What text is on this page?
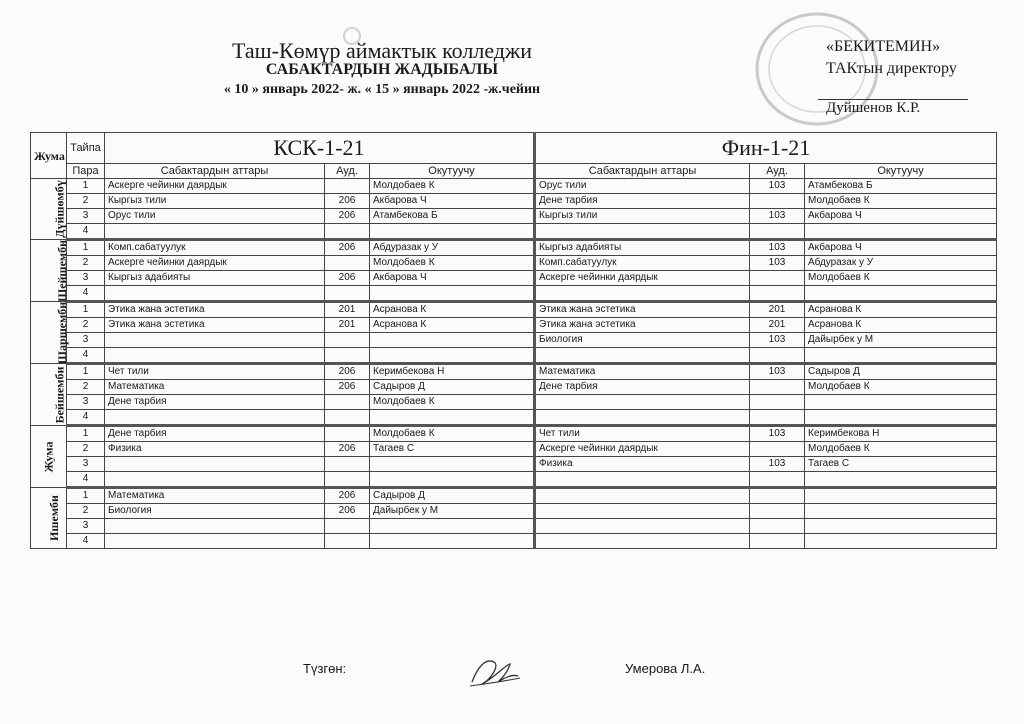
Таш-Көмүр аймактык колледжи
САБАКТАРДЫН ЖАДЫБАЛЫ
« 10 » январь 2022- ж. « 15 » январь 2022 -ж.чейин
«БЕКИТЕМИН»
ТАКтын директору
Дуйшенов К.Р.
Жума	Тайпа	КСК-1-21			Фин-1-21		
	Пара	Сабактардын аттары	Ауд.	Окутуучу	Сабактардын аттары	Ауд.	Окутуучу
Дүйшөмбү	1	Аскерге чейинки даярдык		Молдобаев К	Орус тили	103	Атамбекова Б
	2	Кыргыз тили	206	Акбарова Ч	Дене тарбия		Молдобаев К
	3	Орус тили	206	Атамбекова Б	Кыргыз тили	103	Акбарова Ч
	4						
Шейшемби	1	Комп.сабатуулук	206	Абдуразак у У	Кыргыз адабияты	103	Акбарова Ч
	2	Аскерге чейинки даярдык		Молдобаев К	Комп.сабатуулук	103	Абдуразак у У
	3	Кыргыз адабияты	206	Акбарова Ч	Аскерге чейинки даярдык		Молдобаев К
	4						
Шаршемби	1	Этика жана эстетика	201	Асранова К	Этика жана эстетика	201	Асранова К
	2	Этика жана эстетика	201	Асранова К	Этика жана эстетика	201	Асранова К
	3				Биология	103	Дайырбек у М
	4						
Бейшемби	1	Чет тили	206	Керимбекова Н	Математика	103	Садыров Д
	2	Математика	206	Садыров Д	Дене тарбия		Молдобаев К
	3	Дене тарбия		Молдобаев К			
	4						
Жума	1	Дене тарбия		Молдобаев К	Чет тили	103	Керимбекова Н
	2	Физика	206	Тагаев С	Аскерге чейинки даярдык		Молдобаев К
	3				Физика	103	Тагаев С
	4						
Ишемби	1	Математика	206	Садыров Д			
	2	Биология	206	Дайырбек у М			
	3						
	4						
Түзгөн:	Умерова Л.А.
